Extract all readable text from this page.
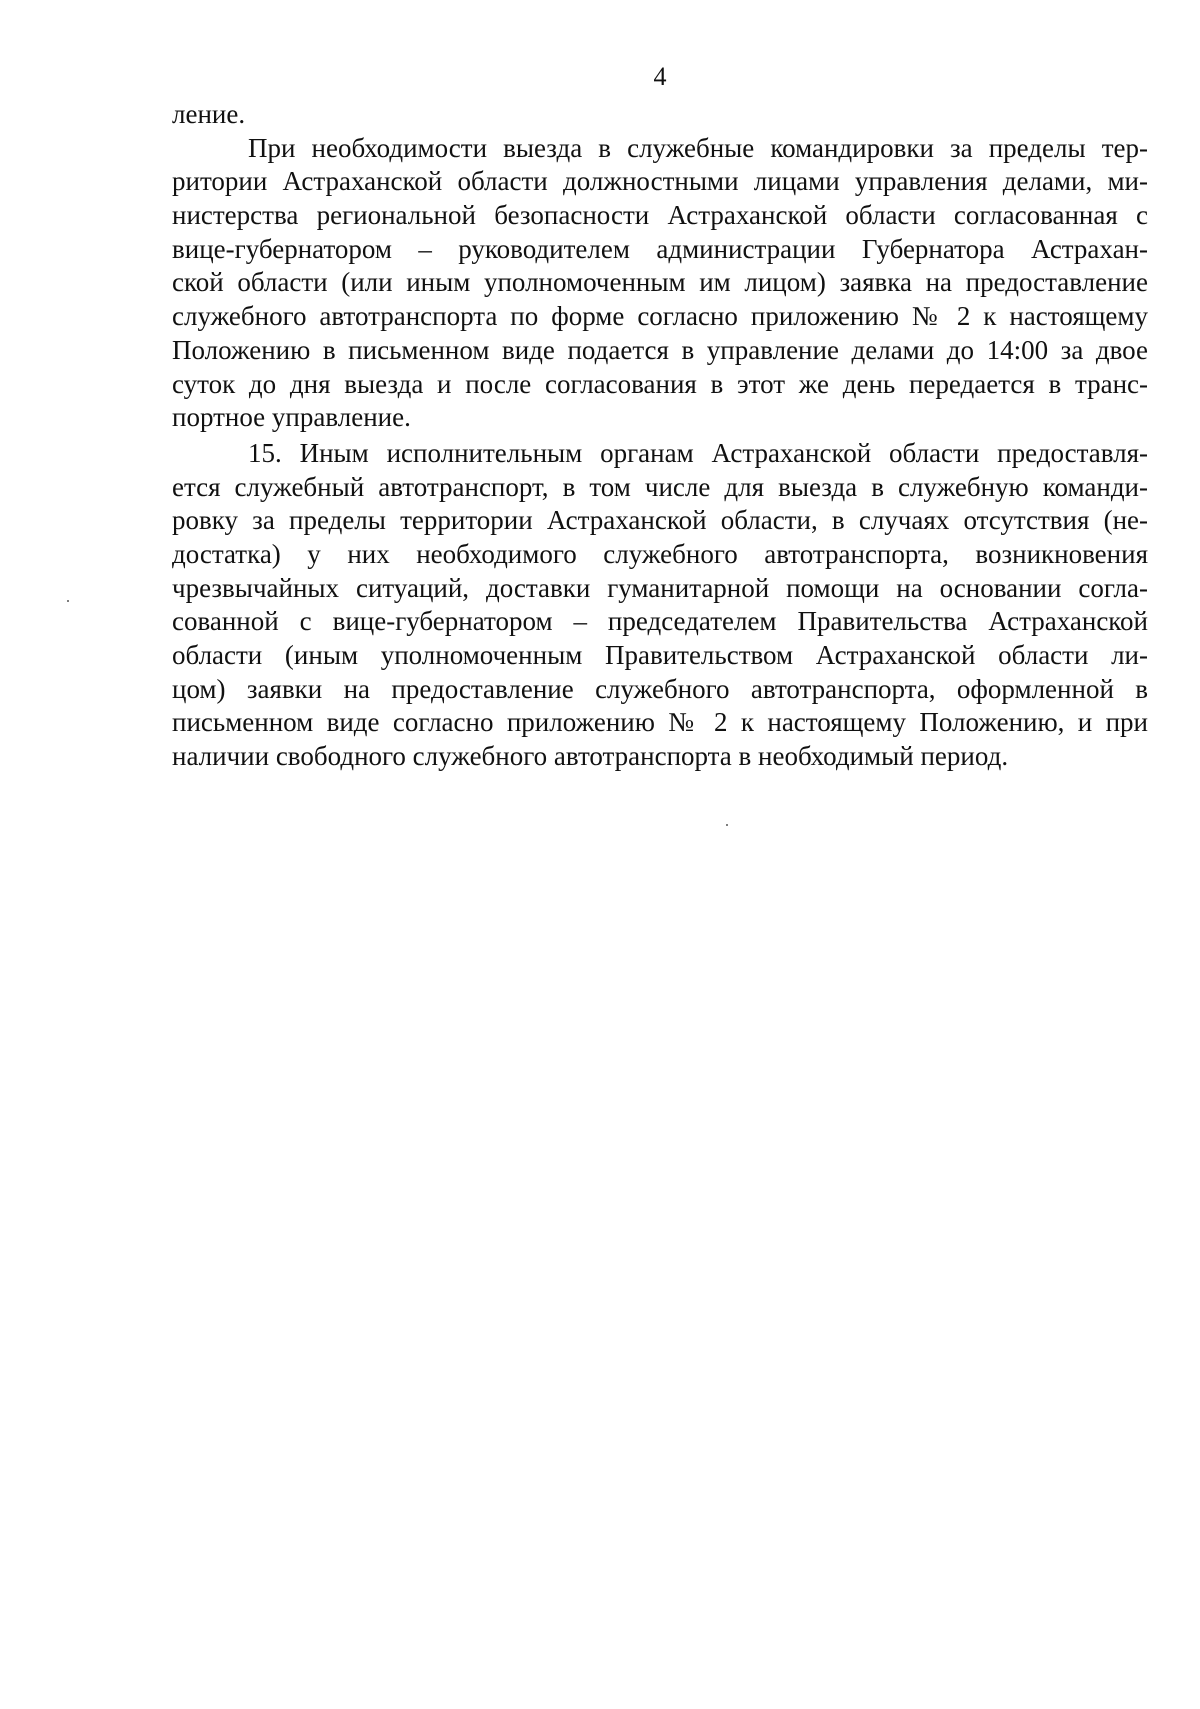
4
ление.
При необходимости выезда в служебные командировки за пределы тер-
ритории Астраханской области должностными лицами управления делами, ми-
нистерства региональной безопасности Астраханской области согласованная с
вице-губернатором – руководителем администрации Губернатора Астрахан-
ской области (или иным уполномоченным им лицом) заявка на предоставление
служебного автотранспорта по форме согласно приложению № 2 к настоящему
Положению в письменном виде подается в управление делами до 14:00 за двое
суток до дня выезда и после согласования в этот же день передается в транс-
портное управление.
15. Иным исполнительным органам Астраханской области предоставля-
ется служебный автотранспорт, в том числе для выезда в служебную команди-
ровку за пределы территории Астраханской области, в случаях отсутствия (не-
достатка) у них необходимого служебного автотранспорта, возникновения
чрезвычайных ситуаций, доставки гуманитарной помощи на основании согла-
сованной с вице-губернатором – председателем Правительства Астраханской
области (иным уполномоченным Правительством Астраханской области ли-
цом) заявки на предоставление служебного автотранспорта, оформленной в
письменном виде согласно приложению № 2 к настоящему Положению, и при
наличии свободного служебного автотранспорта в необходимый период.
